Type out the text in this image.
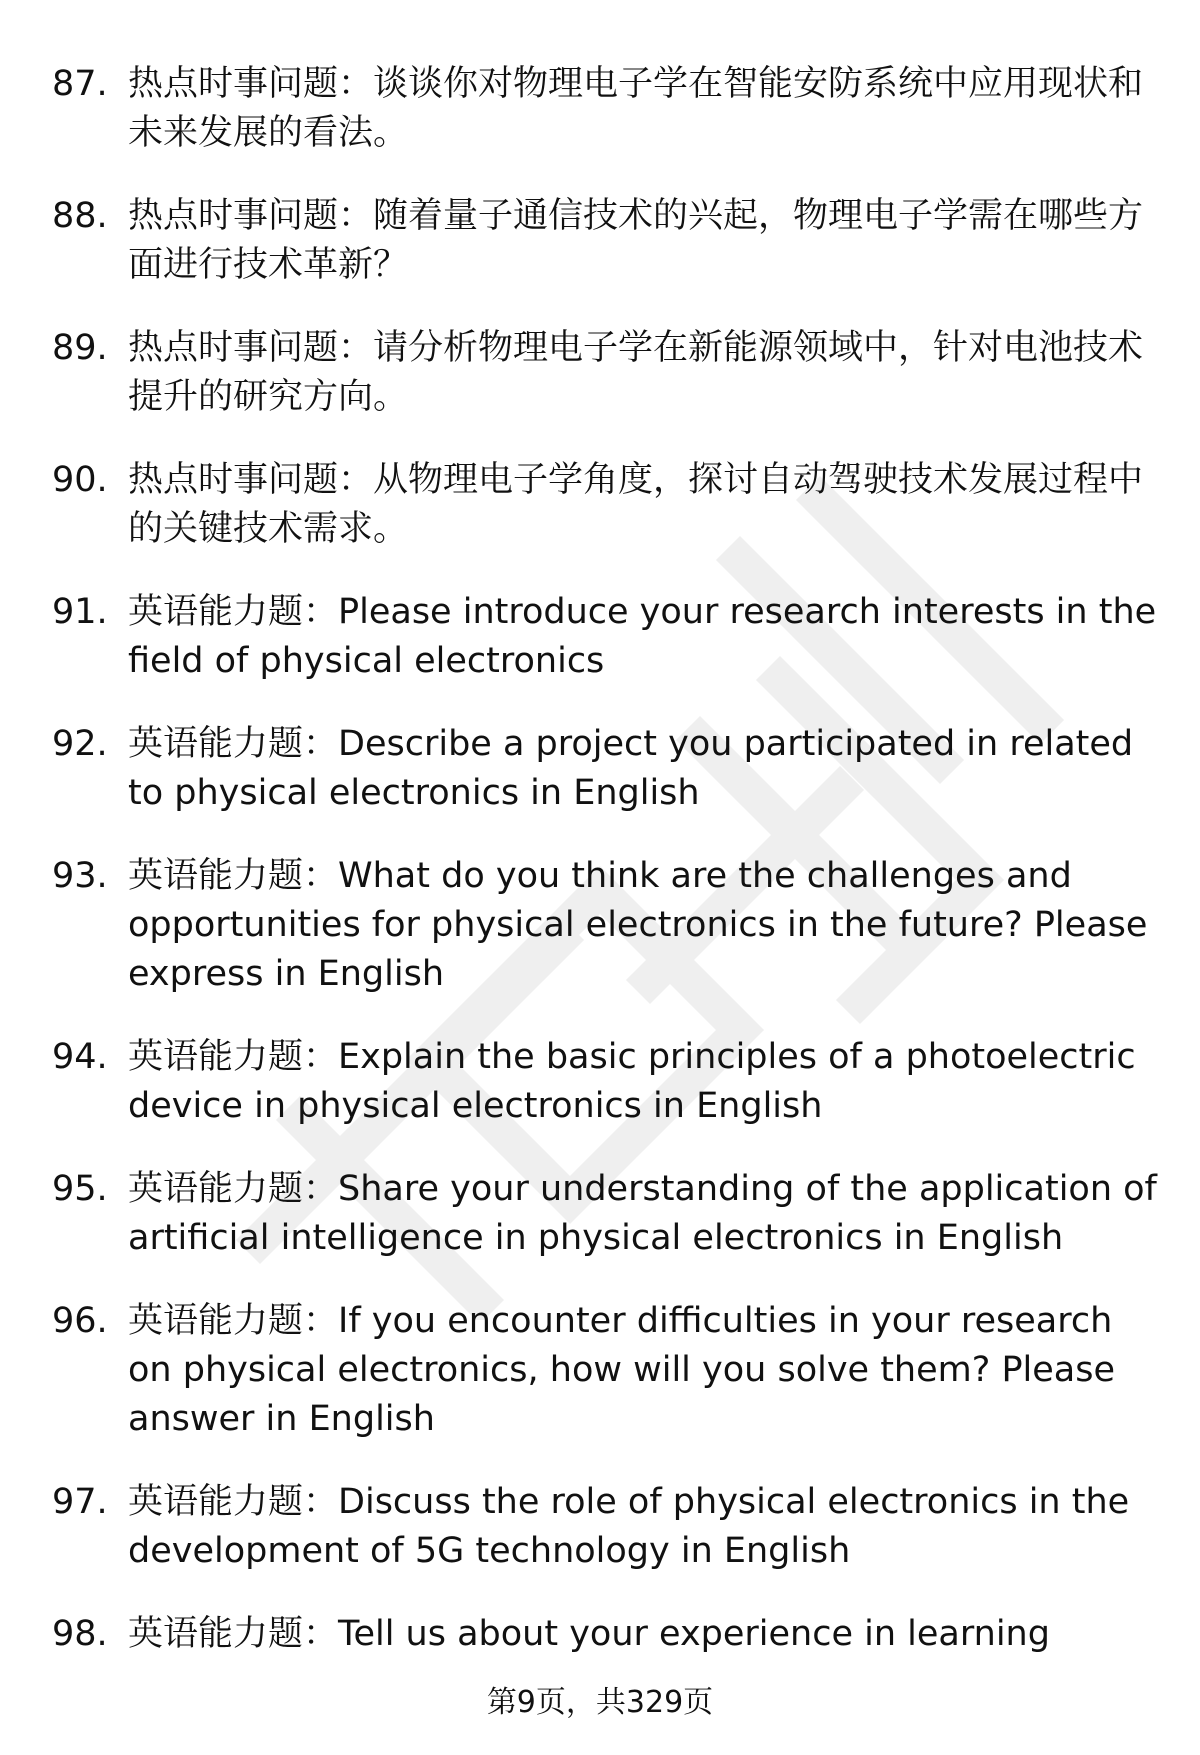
87. 热点时事问题：谈谈你对物理电子学在智能安防系统中应用现状和未来发展的看法。
88. 热点时事问题：随着量子通信技术的兴起，物理电子学需在哪些方面进行技术革新？
89. 热点时事问题：请分析物理电子学在新能源领域中，针对电池技术提升的研究方向。
90. 热点时事问题：从物理电子学角度，探讨自动驾驶技术发展过程中的关键技术需求。
91. 英语能力题：Please introduce your research interests in the field of physical electronics
92. 英语能力题：Describe a project you participated in related to physical electronics in English
93. 英语能力题：What do you think are the challenges and opportunities for physical electronics in the future? Please express in English
94. 英语能力题：Explain the basic principles of a photoelectric device in physical electronics in English
95. 英语能力题：Share your understanding of the application of artificial intelligence in physical electronics in English
96. 英语能力题：If you encounter difficulties in your research on physical electronics, how will you solve them? Please answer in English
97. 英语能力题：Discuss the role of physical electronics in the development of 5G technology in English
98. 英语能力题：Tell us about your experience in learning
第9页，共329页
